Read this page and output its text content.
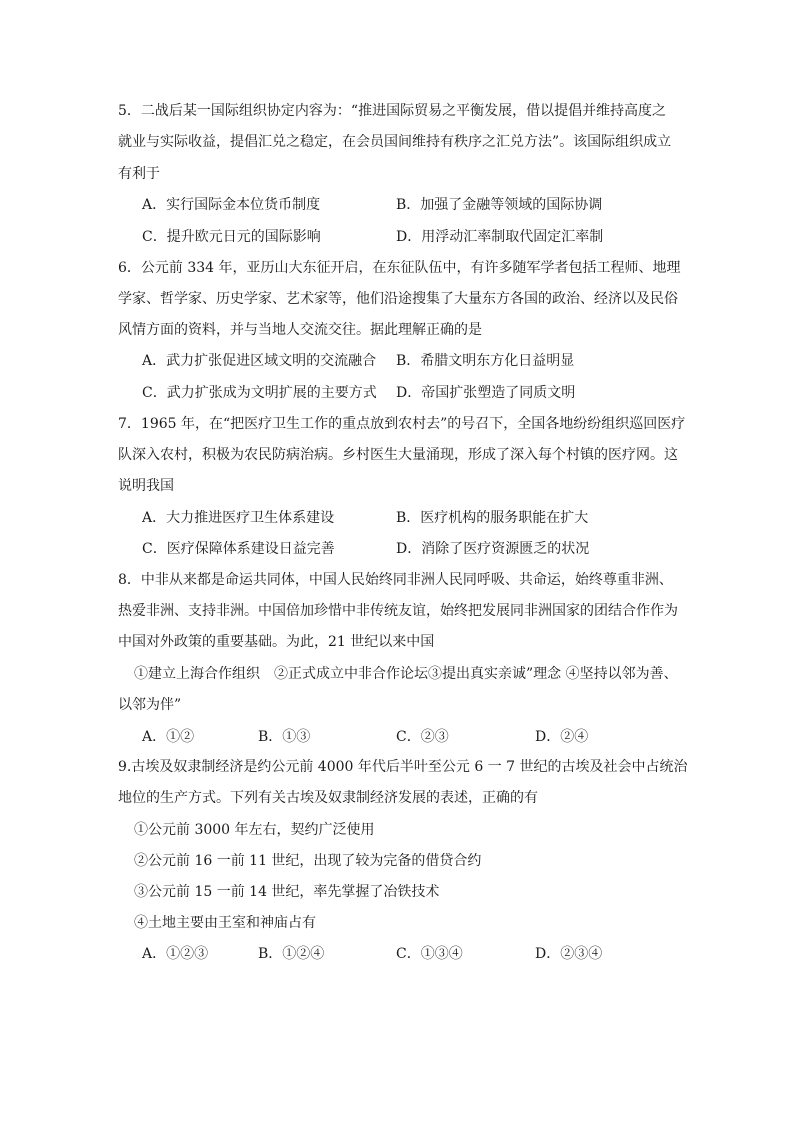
5．二战后某一国际组织协定内容为：“推进国际贸易之平衡发展，借以提倡并维持高度之
就业与实际收益，提倡汇兑之稳定，在会员国间维持有秩序之汇兑方法”。该国际组织成立
有利于
A．实行国际金本位货币制度	B．加强了金融等领域的国际协调
C．提升欧元日元的国际影响	D．用浮动汇率制取代固定汇率制
6．公元前 334 年，亚历山大东征开启，在东征队伍中，有许多随军学者包括工程师、地理
学家、哲学家、历史学家、艺术家等，他们沿途搜集了大量东方各国的政治、经济以及民俗
风情方面的资料，并与当地人交流交往。据此理解正确的是
A．武力扩张促进区域文明的交流融合 B．希腊文明东方化日益明显
C．武力扩张成为文明扩展的主要方式 D．帝国扩张塑造了同质文明
7．1965 年，在“把医疗卫生工作的重点放到农村去”的号召下，全国各地纷纷组织巡回医疗
队深入农村，积极为农民防病治病。乡村医生大量涌现，形成了深入每个村镇的医疗网。这
说明我国
A．大力推进医疗卫生体系建设	B．医疗机构的服务职能在扩大
C．医疗保障体系建设日益完善	D．消除了医疗资源匮乏的状况
8．中非从来都是命运共同体，中国人民始终同非洲人民同呼吸、共命运，始终尊重非洲、
热爱非洲、支持非洲。中国倍加珍惜中非传统友谊，始终把发展同非洲国家的团结合作作为
中国对外政策的重要基础。为此，21 世纪以来中国
①建立上海合作组织　②正式成立中非合作论坛③提出真实亲诚”理念 ④坚持以邻为善、
以邻为伴”
A．①②	B．①③	C．②③	D．②④
9.古埃及奴隶制经济是约公元前 4000 年代后半叶至公元 6 一 7 世纪的古埃及社会中占统治
地位的生产方式。下列有关古埃及奴隶制经济发展的表述，正确的有
①公元前 3000 年左右，契约广泛使用
②公元前 16 一前 11 世纪，出现了较为完备的借贷合约
③公元前 15 一前 14 世纪，率先掌握了冶铁技术
④土地主要由王室和神庙占有
A．①②③	B．①②④	C．①③④	D．②③④
